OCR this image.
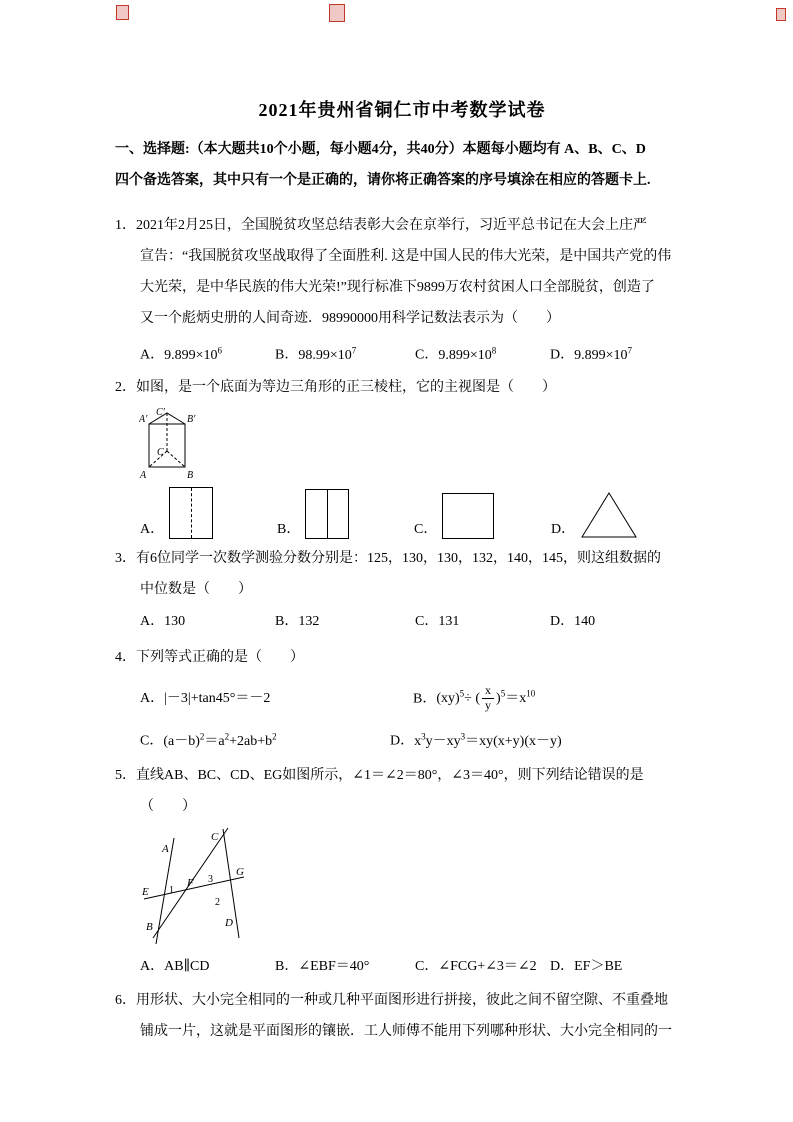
2021年贵州省铜仁市中考数学试卷
一、选择题:（本大题共10个小题，每小题4分，共40分）本题每小题均有 A、B、C、D
四个备选答案，其中只有一个是正确的，请你将正确答案的序号填涂在相应的答题卡上.
1．2021年2月25日，全国脱贫攻坚总结表彰大会在京举行，习近平总书记在大会上庄严
宣告：“我国脱贫攻坚战取得了全面胜利. 这是中国人民的伟大光荣，是中国共产党的伟
大光荣，是中华民族的伟大光荣!”现行标准下9899万农村贫困人口全部脱贫，创造了
又一个彪炳史册的人间奇迹．98990000用科学记数法表示为（　　）
A．$9.899\times 10^6$	B．$98.99\times 10^7$	C．$9.899\times 10^8$	D．$9.899\times 10^7$
2．如图，是一个底面为等边三角形的正三棱柱，它的主视图是（　　）
A′
C′
B′
C
A	B
A．	B．	C．	D．
3．有6位同学一次数学测验分数分别是：125，130，130，132，140，145，则这组数据的
中位数是（　　）
A．130	B．132	C．131	D．140
4．下列等式正确的是（　　）
A．|－3|+tan45°＝－2	B．(xy)$^5$÷ ( $\frac{x}{y} )^5=x^{10}$
C．$(a-b)^2=a^2+2ab+b^2$	D．$x^3y-xy^3=xy(x+y)(x-y)$
5．直线AB、BC、CD、EG如图所示，∠1＝∠2＝80°，∠3＝40°，则下列结论错误的是
（　　）
A
C
E
F
G
B	D
1
2
3
A．AB∥CD	B．∠EBF＝40°	C．∠FCG+∠3＝∠2 D．EF＞BE
6．用形状、大小完全相同的一种或几种平面图形进行拼接，彼此之间不留空隙、不重叠地
铺成一片，这就是平面图形的镶嵌．工人师傅不能用下列哪种形状、大小完全相同的一
